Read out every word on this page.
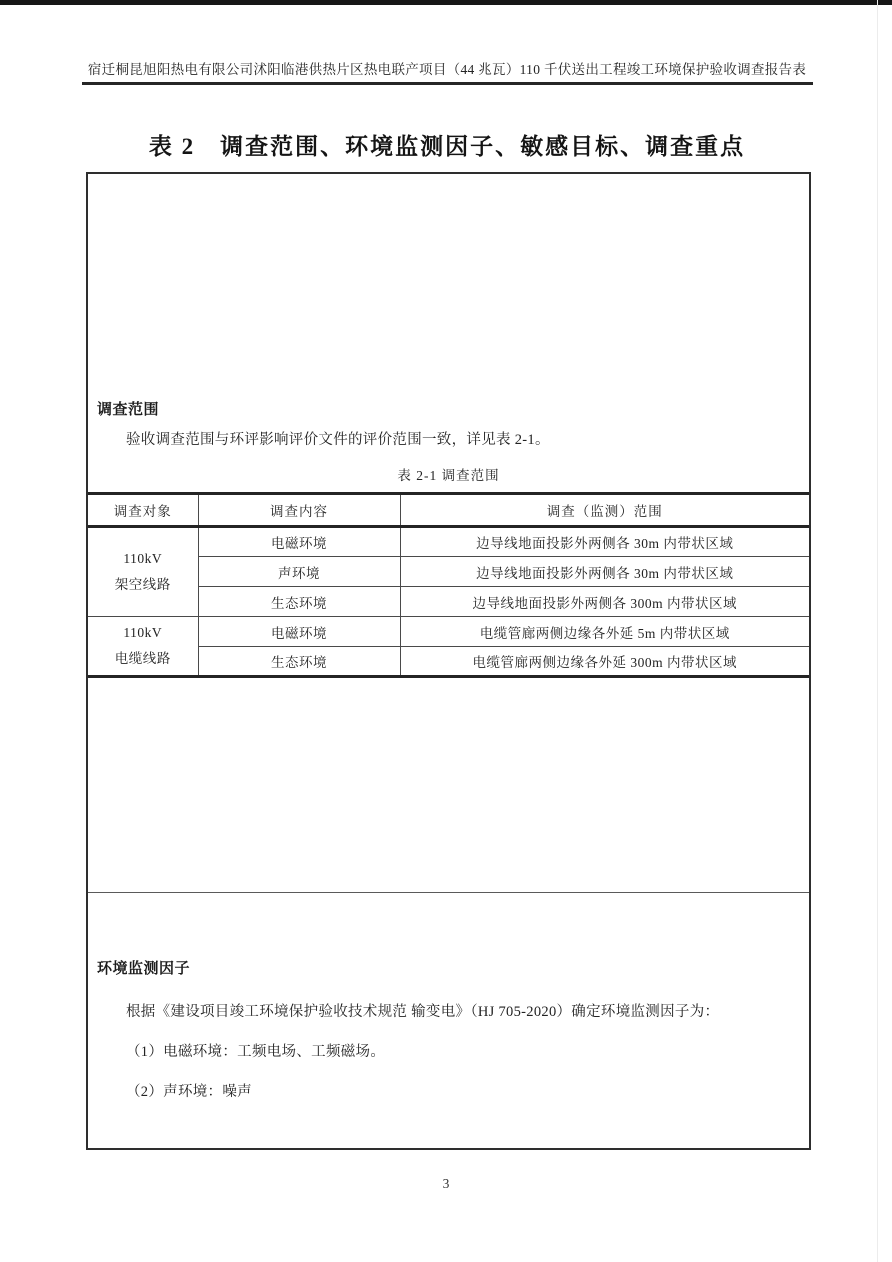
宿迁桐昆旭阳热电有限公司沭阳临港供热片区热电联产项目（44 兆瓦）110 千伏送出工程竣工环境保护验收调查报告表
表 2　调查范围、环境监测因子、敏感目标、调查重点
调查范围
验收调查范围与环评影响评价文件的评价范围一致，详见表 2-1。
表 2-1 调查范围
调查对象	调查内容	调查（监测）范围

110kV
架空线路	电磁环境	边导线地面投影外两侧各 30m 内带状区域
	声环境	边导线地面投影外两侧各 30m 内带状区域
	生态环境	边导线地面投影外两侧各 300m 内带状区域

110kV
电缆线路	电磁环境	电缆管廊两侧边缘各外延 5m 内带状区域
	生态环境	电缆管廊两侧边缘各外延 300m 内带状区域
环境监测因子
根据《建设项目竣工环境保护验收技术规范 输变电》（HJ 705-2020）确定环境监测因子为：
（1）电磁环境：工频电场、工频磁场。
（2）声环境：噪声
3
